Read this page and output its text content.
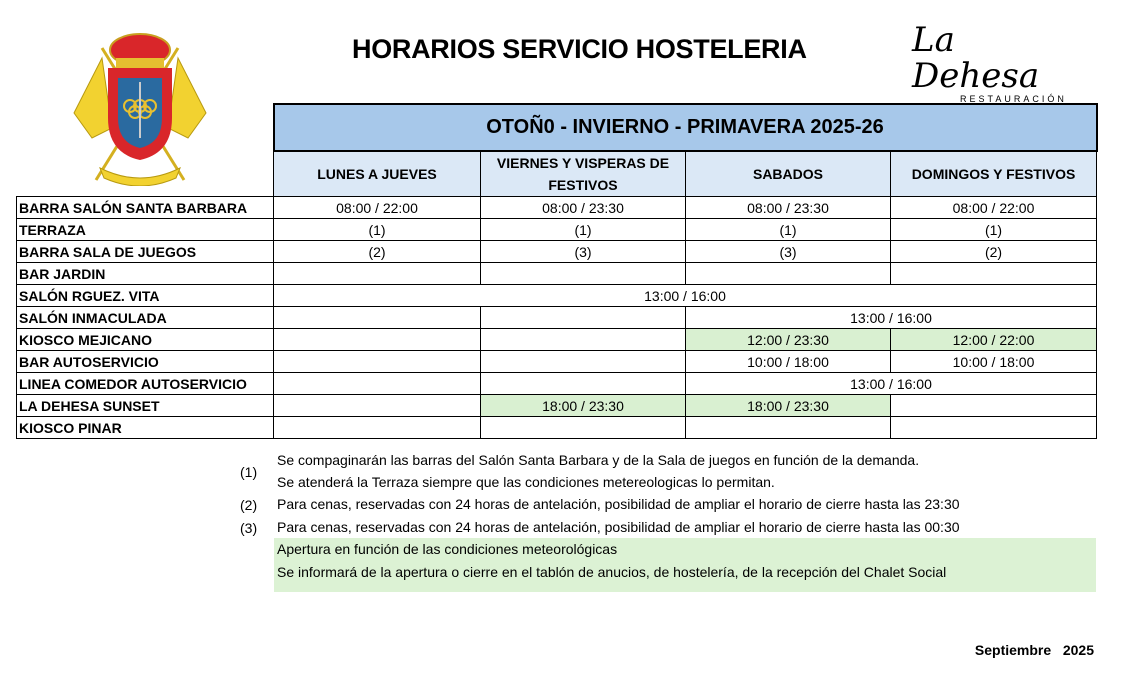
HORARIOS SERVICIO HOSTELERIA	La Dehesa
RESTAURACIÓN
	OTOÑ0 - INVIERNO - PRIMAVERA 2025-26			
	LUNES A JUEVES	VIERNES Y VISPERAS DE FESTIVOS	SABADOS	DOMINGOS Y FESTIVOS
BARRA SALÓN SANTA BARBARA	08:00 / 22:00	08:00 / 23:30	08:00 / 23:30	08:00 / 22:00
TERRAZA	(1)	(1)	(1)	(1)
BARRA SALA DE JUEGOS	(2)	(3)	(3)	(2)
BAR JARDIN				
SALÓN RGUEZ. VITA	13:00 / 16:00			
SALÓN INMACULADA			13:00 / 16:00	
KIOSCO MEJICANO			12:00 / 23:30	12:00 / 22:00
BAR AUTOSERVICIO			10:00 / 18:00	10:00 / 18:00
LINEA COMEDOR AUTOSERVICIO			13:00 / 16:00	
LA DEHESA SUNSET		18:00 / 23:30	18:00 / 23:30	
KIOSCO PINAR				
(1)
Se compaginarán las barras del Salón Santa Barbara y de la Sala de juegos en función de la demanda.
Se atenderá la Terraza siempre que las condiciones metereologicas lo permitan.
(2) Para cenas, reservadas con 24 horas de antelación, posibilidad de ampliar el horario de cierre hasta las 23:30
(3) Para cenas, reservadas con 24 horas de antelación, posibilidad de ampliar el horario de cierre hasta las 00:30
Apertura en función de las condiciones meteorológicas
Se informará de la apertura o cierre en el tablón de anucios, de hostelería, de la recepción del Chalet Social
Septiembre 2025
